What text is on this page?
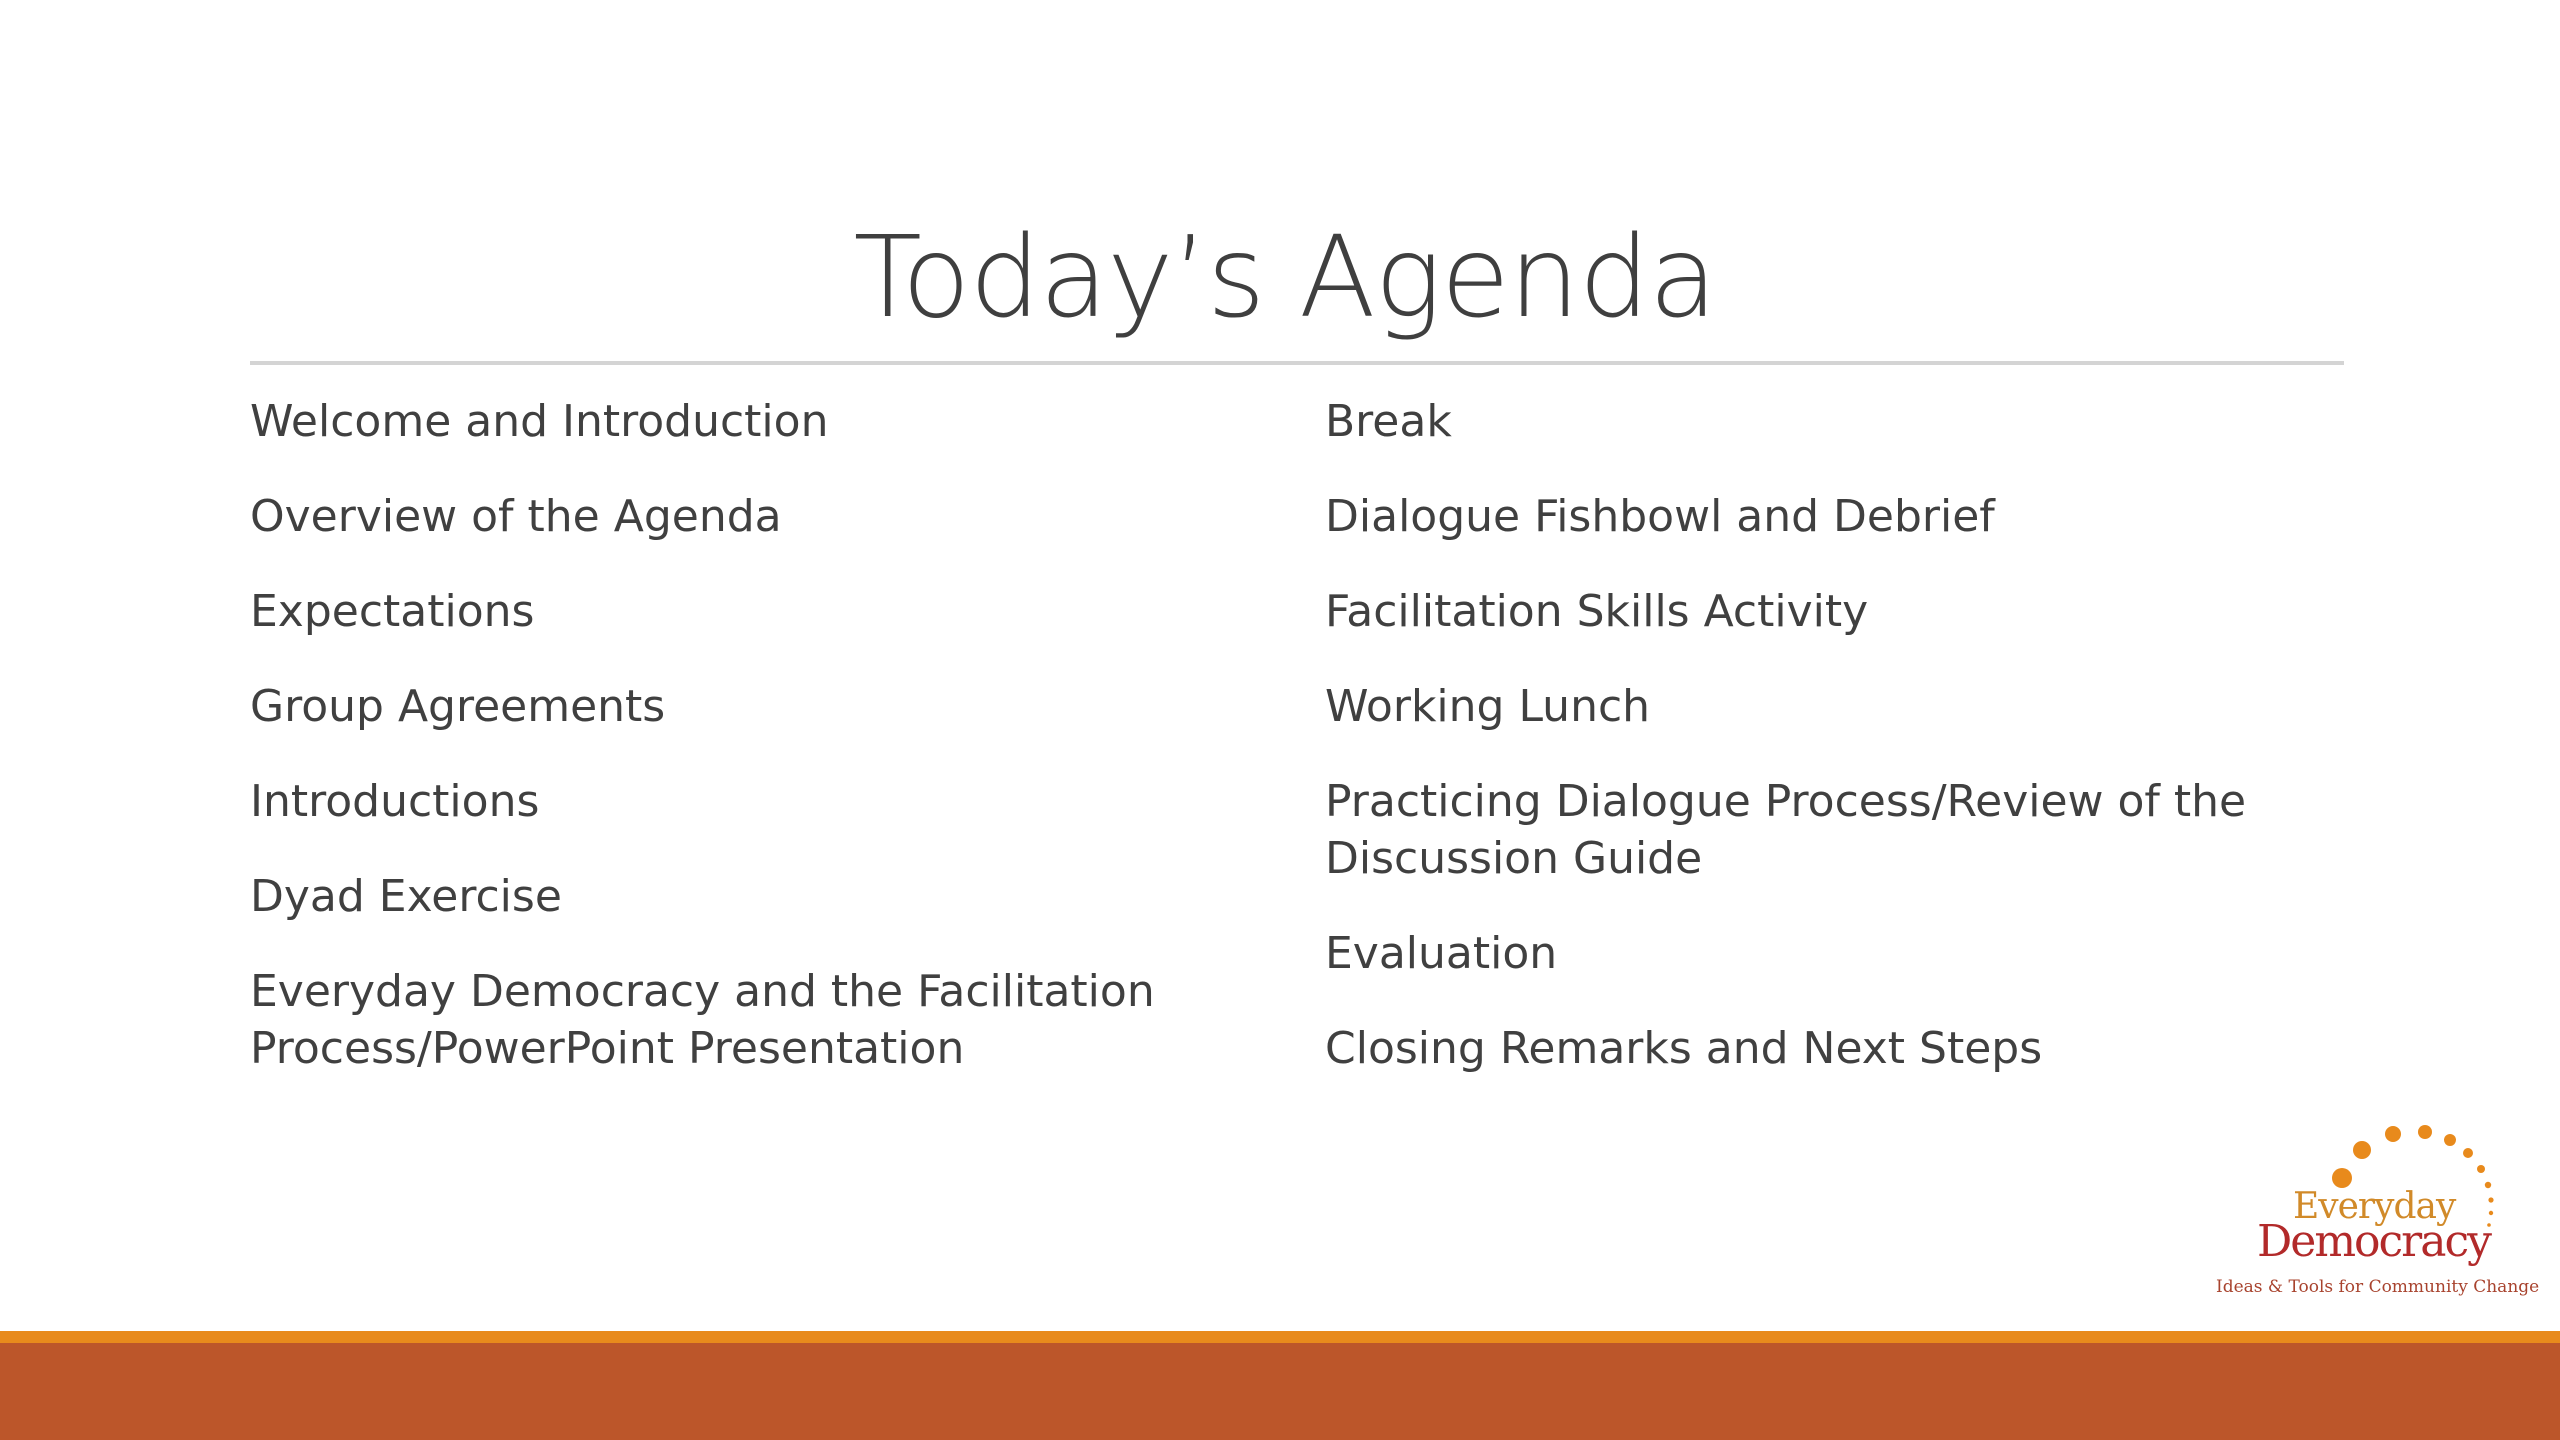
Today’s Agenda
Welcome and Introduction
Overview of the Agenda
Expectations
Group Agreements
Introductions
Dyad Exercise
Everyday Democracy and the Facilitation Process/PowerPoint Presentation
Break
Dialogue Fishbowl and Debrief
Facilitation Skills Activity
Working Lunch
Practicing Dialogue Process/Review of the Discussion Guide
Evaluation
Closing Remarks and Next Steps
Everyday
Democracy
Ideas & Tools for Community Change
